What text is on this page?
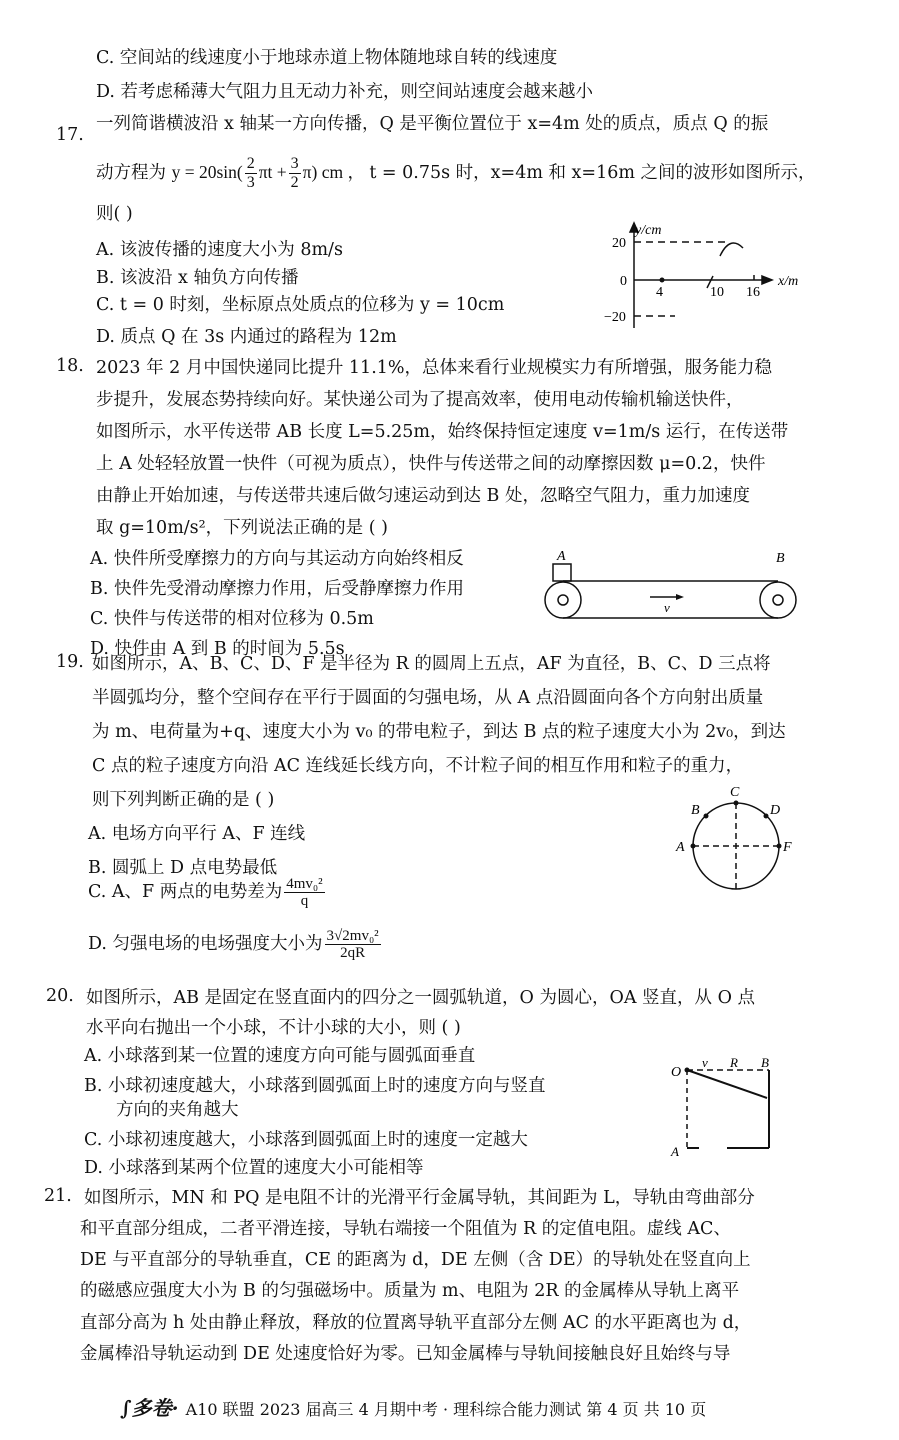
C. 空间站的线速度小于地球赤道上物体随地球自转的线速度
D. 若考虑稀薄大气阻力且无动力补充，则空间站速度会越来越小
17.
一列简谐横波沿 x 轴某一方向传播，Q 是平衡位置位于 x=4m 处的质点，质点 Q 的振
动方程为 $y = 20\sin( \frac{2}{3}$ $\pi t + \frac{3}{2} \pi$) cm ， t = 0.75s 时，x=4m 和 x=16m 之间的波形如图所示，
则( )
A. 该波传播的速度大小为 8m/s
B. 该波沿 x 轴负方向传播
C. t = 0 时刻，坐标原点处质点的位移为 y = 10cm
D. 质点 Q 在 3s 内通过的路程为 12m
y/cm
x/m
20
0
−20
4	10 16
18. 2023 年 2 月中国快递同比提升 11.1%，总体来看行业规模实力有所增强，服务能力稳
步提升，发展态势持续向好。某快递公司为了提高效率，使用电动传输机输送快件，
如图所示，水平传送带 AB 长度 L=5.25m，始终保持恒定速度 v=1m/s 运行，在传送带
上 A 处轻轻放置一快件（可视为质点），快件与传送带之间的动摩擦因数 μ=0.2，快件
由静止开始加速，与传送带共速后做匀速运动到达 B 处，忽略空气阻力，重力加速度
取 g=10m/s²，下列说法正确的是 ( )
A. 快件所受摩擦力的方向与其运动方向始终相反
B. 快件先受滑动摩擦力作用，后受静摩擦力作用
C. 快件与传送带的相对位移为 0.5m
D. 快件由 A 到 B 的时间为 5.5s
A	B
v
19. 如图所示，A、B、C、D、F 是半径为 R 的圆周上五点，AF 为直径，B、C、D 三点将
半圆弧均分，整个空间存在平行于圆面的匀强电场，从 A 点沿圆面向各个方向射出质量
为 m、电荷量为+q、速度大小为 v₀ 的带电粒子，到达 B 点的粒子速度大小为 2v₀，到达
C 点的粒子速度方向沿 AC 连线延长线方向，不计粒子间的相互作用和粒子的重力，
则下列判断正确的是 ( )
A. 电场方向平行 A、F 连线
B. 圆弧上 D 点电势最低
C. A、F 两点的电势差为 $\frac{\text{4mv₀²}}{q}$
D. 匀强电场的电场强度大小为 $\frac{\text{3√2mv₀²}}{2qR}$
A
B
C
D
F
20. 如图所示，AB 是固定在竖直面内的四分之一圆弧轨道，O 为圆心，OA 竖直，从 O 点
水平向右抛出一个小球，不计小球的大小，则 ( )
A. 小球落到某一位置的速度方向可能与圆弧面垂直
B. 小球初速度越大，小球落到圆弧面上时的速度方向与竖直
方向的夹角越大
C. 小球初速度越大，小球落到圆弧面上时的速度一定越大
D. 小球落到某两个位置的速度大小可能相等
O
v R B
A
21. 如图所示，MN 和 PQ 是电阻不计的光滑平行金属导轨，其间距为 L，导轨由弯曲部分
和平直部分组成，二者平滑连接，导轨右端接一个阻值为 R 的定值电阻。虚线 AC、
DE 与平直部分的导轨垂直，CE 的距离为 d，DE 左侧（含 DE）的导轨处在竖直向上
的磁感应强度大小为 B 的匀强磁场中。质量为 m、电阻为 2R 的金属棒从导轨上离平
直部分高为 h 处由静止释放，释放的位置离导轨平直部分左侧 AC 的水平距离也为 d，
金属棒沿导轨运动到 DE 处速度恰好为零。已知金属棒与导轨间接触良好且始终与导
∫多卷· A10 联盟 2023 届高三 4 月期中考 · 理科综合能力测试 第 4 页 共 10 页
